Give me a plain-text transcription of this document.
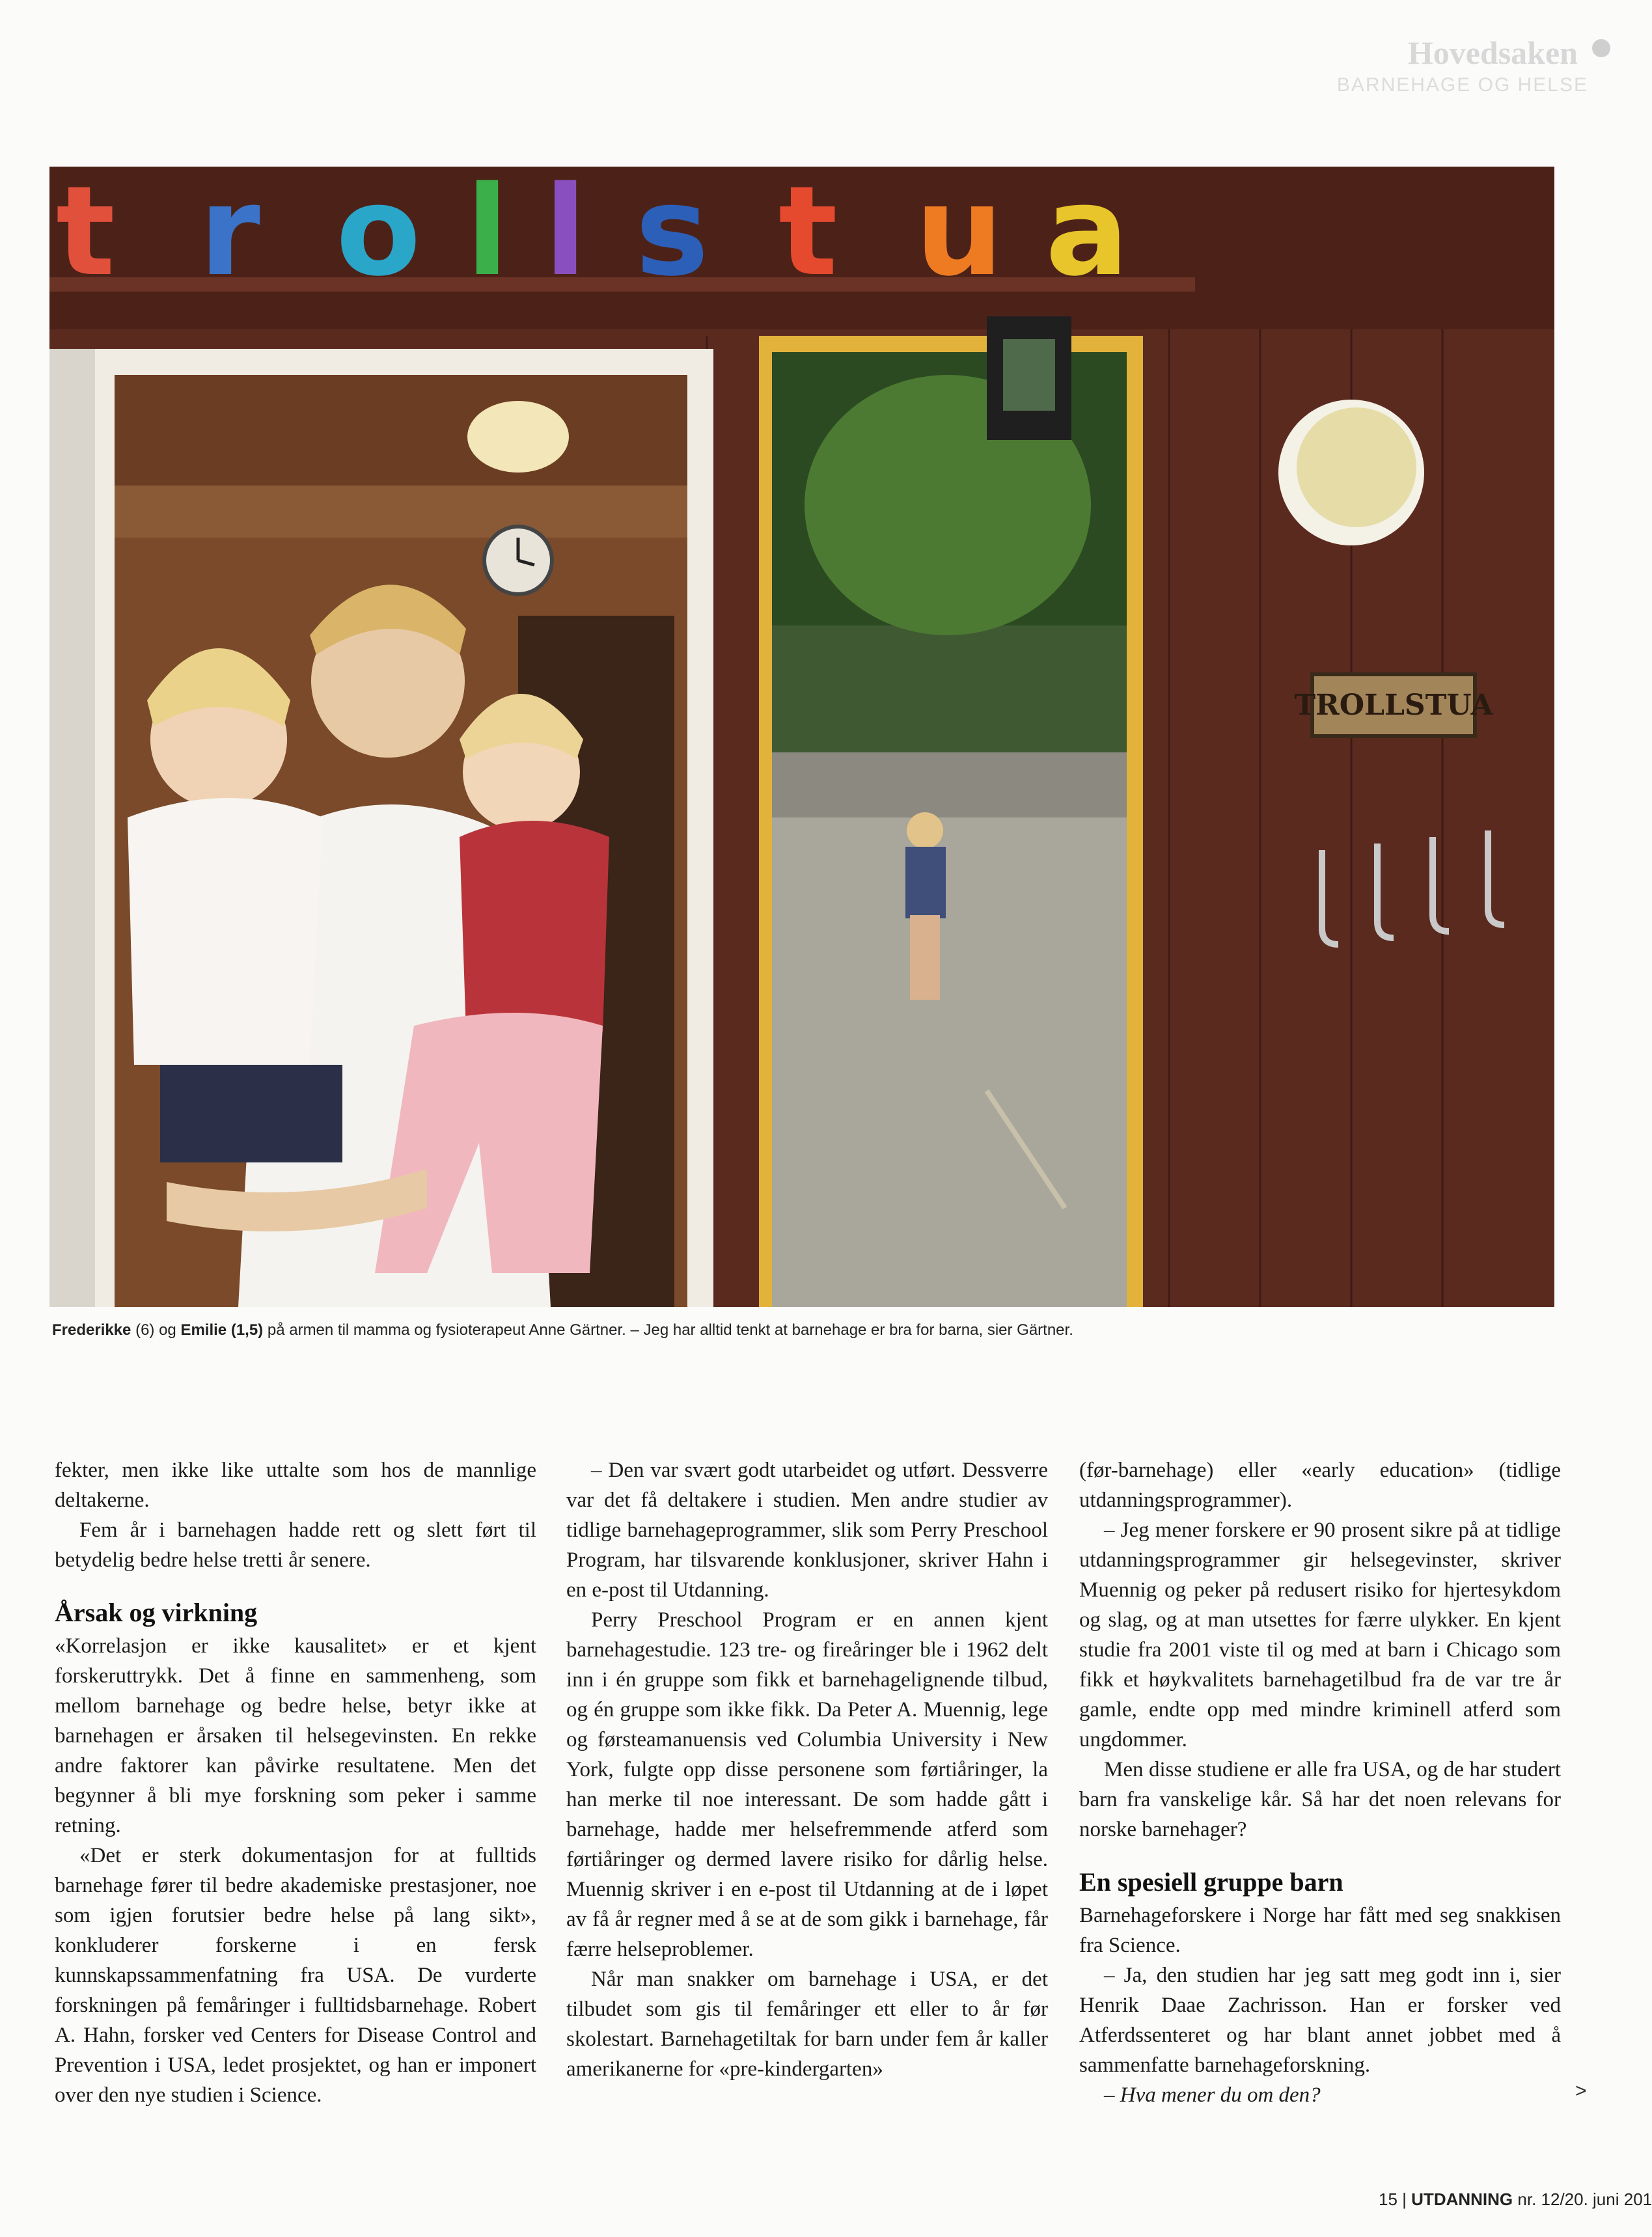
Hovedsaken
BARNEHAGE OG HELSE
t r o l l s t u a
TROLLSTUA
Frederikke (6) og Emilie (1,5) på armen til mamma og fysioterapeut Anne Gärtner. – Jeg har alltid tenkt at barnehage er bra for barna, sier Gärtner.

fekter, men ikke like uttalte som hos de mannlige deltakerne.

Fem år i barnehagen hadde rett og slett ført til betydelig bedre helse tretti år senere.

Årsak og virkning

«Korrelasjon er ikke kausalitet» er et kjent forskeruttrykk. Det å finne en sammenheng, som mellom barnehage og bedre helse, betyr ikke at barnehagen er årsaken til helsegevinsten. En rekke andre faktorer kan påvirke resultatene. Men det begynner å bli mye forskning som peker i samme retning.

«Det er sterk dokumentasjon for at fulltids barnehage fører til bedre akademiske prestasjoner, noe som igjen forutsier bedre helse på lang sikt», konkluderer forskerne i en fersk kunnskapssammenfatning fra USA. De vurderte forskningen på femåringer i fulltidsbarnehage. Robert A. Hahn, forsker ved Centers for Disease Control and Prevention i USA, ledet prosjektet, og han er imponert over den nye studien i Science.

– Den var svært godt utarbeidet og utført. Dessverre var det få deltakere i studien. Men andre studier av tidlige barnehageprogrammer, slik som Perry Preschool Program, har tilsvarende konklusjoner, skriver Hahn i en e-post til Utdanning.

Perry Preschool Program er en annen kjent barnehagestudie. 123 tre- og fireåringer ble i 1962 delt inn i én gruppe som fikk et barnehagelignende tilbud, og én gruppe som ikke fikk. Da Peter A. Muennig, lege og førsteamanuensis ved Columbia University i New York, fulgte opp disse personene som førtiåringer, la han merke til noe interessant. De som hadde gått i barnehage, hadde mer helsefremmende atferd som førtiåringer og dermed lavere risiko for dårlig helse. Muennig skriver i en e-post til Utdanning at de i løpet av få år regner med å se at de som gikk i barnehage, får færre helseproblemer.

Når man snakker om barnehage i USA, er det tilbudet som gis til femåringer ett eller to år før skolestart. Barnehagetiltak for barn under fem år kaller amerikanerne for «pre-kindergarten»

(før-barnehage) eller «early education» (tidlige utdanningsprogrammer).

– Jeg mener forskere er 90 prosent sikre på at tidlige utdanningsprogrammer gir helsegevinster, skriver Muennig og peker på redusert risiko for hjertesykdom og slag, og at man utsettes for færre ulykker. En kjent studie fra 2001 viste til og med at barn i Chicago som fikk et høykvalitets barnehagetilbud fra de var tre år gamle, endte opp med mindre kriminell atferd som ungdommer.

Men disse studiene er alle fra USA, og de har studert barn fra vanskelige kår. Så har det noen relevans for norske barnehager?

En spesiell gruppe barn

Barnehageforskere i Norge har fått med seg snakkisen fra Science.

– Ja, den studien har jeg satt meg godt inn i, sier Henrik Daae Zachrisson. Han er forsker ved Atferdssenteret og har blant annet jobbet med å sammenfatte barnehageforskning.

– Hva mener du om den?	>
15 | UTDANNING nr. 12/20. juni 201
